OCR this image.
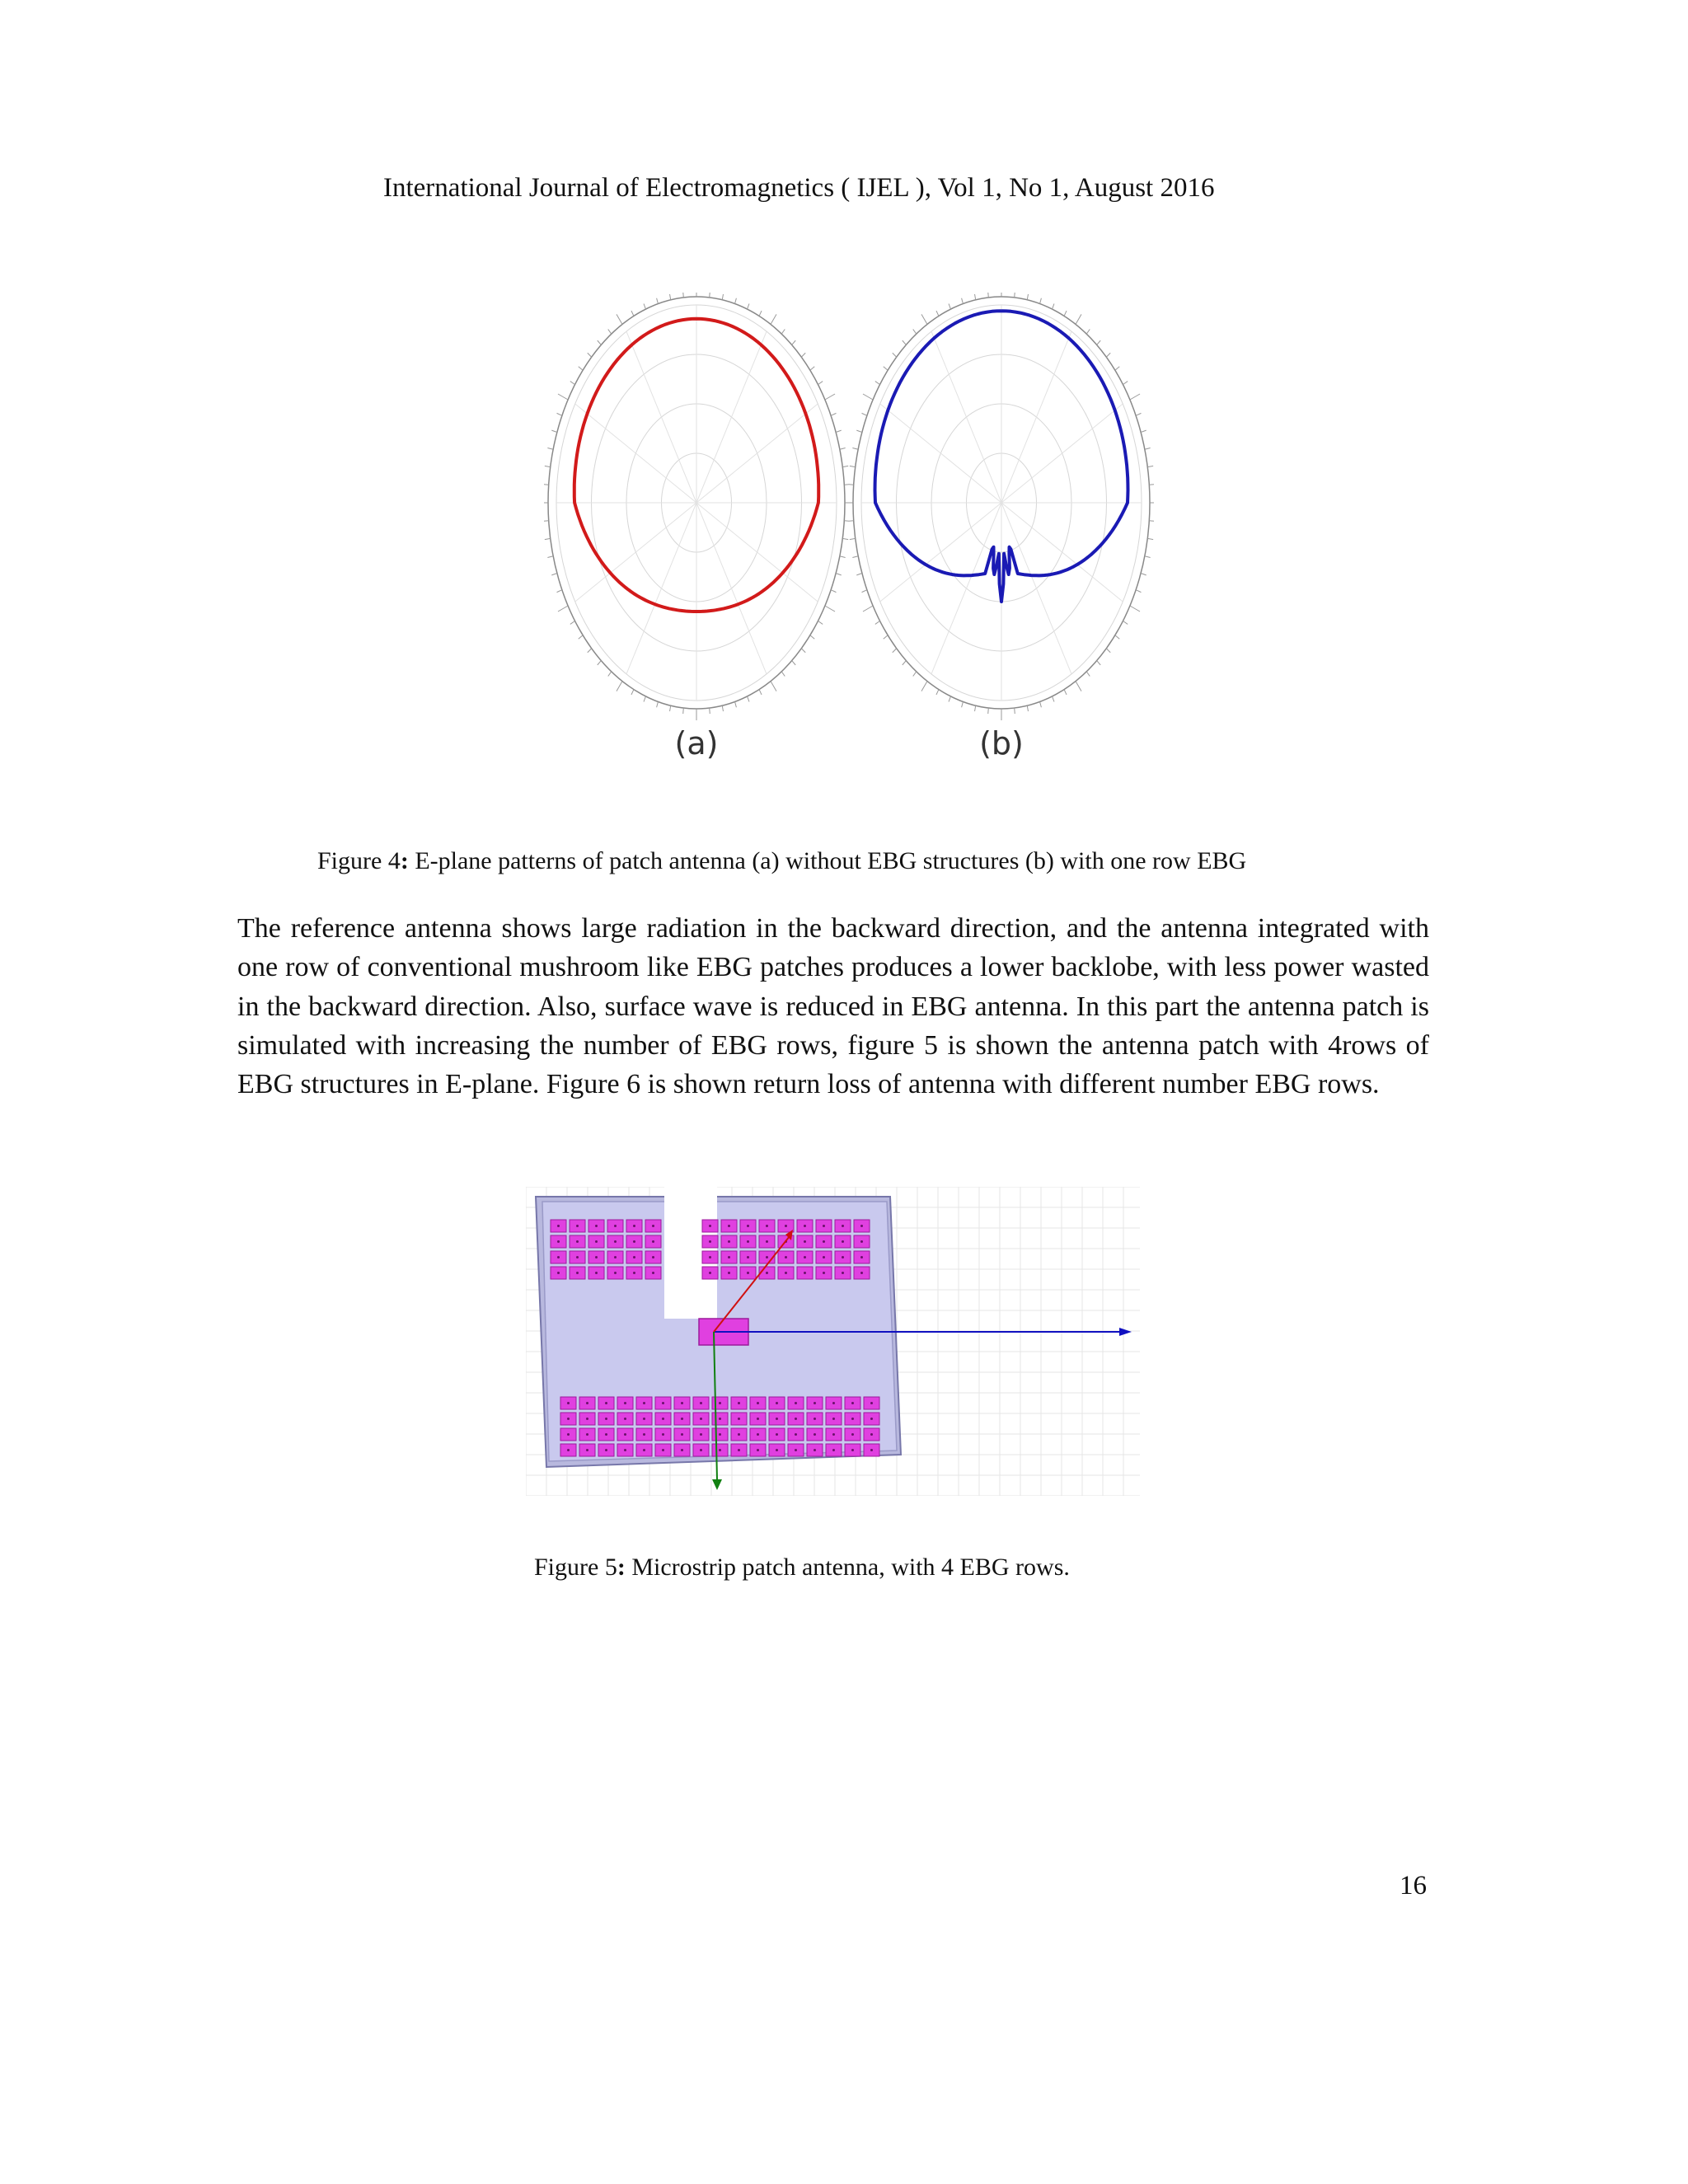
International Journal of Electromagnetics ( IJEL ), Vol 1, No 1, August 2016
(a)	(b)
Figure 4: E-plane patterns of patch antenna (a) without EBG structures (b) with one row EBG
The reference antenna shows large radiation in the backward direction, and the antenna integrated with one row of conventional mushroom like EBG patches produces a lower backlobe, with less power wasted in the backward direction. Also, surface wave is reduced in EBG antenna. In this part the antenna patch is simulated with increasing the number of EBG rows, figure 5 is shown the antenna patch with 4rows of EBG structures in E-plane. Figure 6 is shown return loss of antenna with different number EBG rows.
Figure 5: Microstrip patch antenna, with 4 EBG rows.
16
